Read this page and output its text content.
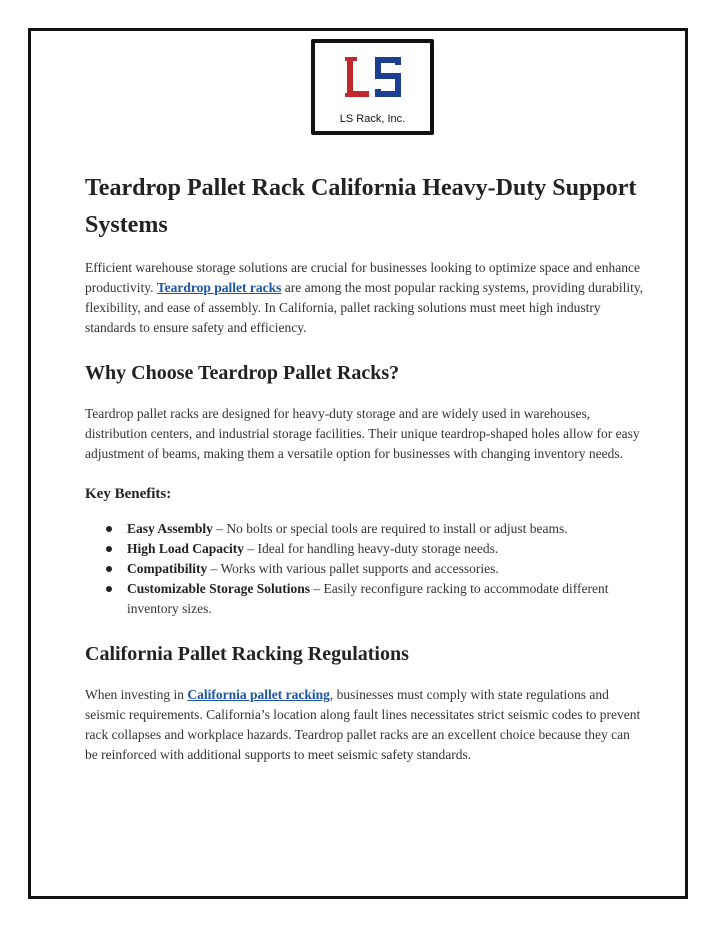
LS Rack, Inc.
Teardrop Pallet Rack California Heavy-Duty Support Systems

Efficient warehouse storage solutions are crucial for businesses looking to optimize space and enhance productivity. Teardrop pallet racks are among the most popular racking systems, providing durability, flexibility, and ease of assembly. In California, pallet racking solutions must meet high industry standards to ensure safety and efficiency.

Why Choose Teardrop Pallet Racks?

Teardrop pallet racks are designed for heavy-duty storage and are widely used in warehouses, distribution centers, and industrial storage facilities. Their unique teardrop-shaped holes allow for easy adjustment of beams, making them a versatile option for businesses with changing inventory needs.

Key Benefits:
Easy Assembly – No bolts or special tools are required to install or adjust beams.
High Load Capacity – Ideal for handling heavy-duty storage needs.
Compatibility – Works with various pallet supports and accessories.
Customizable Storage Solutions – Easily reconfigure racking to accommodate different inventory sizes.
California Pallet Racking Regulations

When investing in California pallet racking, businesses must comply with state regulations and seismic requirements. California’s location along fault lines necessitates strict seismic codes to prevent rack collapses and workplace hazards. Teardrop pallet racks are an excellent choice because they can be reinforced with additional supports to meet seismic safety standards.
